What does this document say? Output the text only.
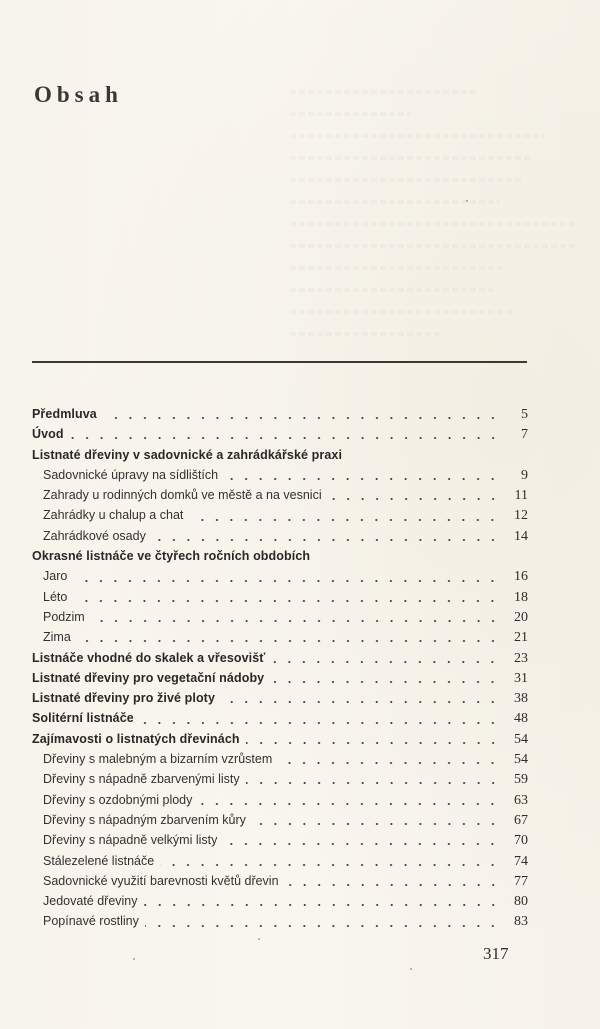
Obsah
Předmluva	5
Úvod	7
Listnaté dřeviny v sadovnické a zahrádkářské praxi
Sadovnické úpravy na sídlištích	9
Zahrady u rodinných domků ve městě a na vesnici	11
Zahrádky u chalup a chat	12
Zahrádkové osady	14
Okrasné listnáče ve čtyřech ročních obdobích
Jaro	16
Léto	18
Podzim	20
Zima	21
Listnáče vhodné do skalek a vřesovišť	23
Listnaté dřeviny pro vegetační nádoby	31
Listnaté dřeviny pro živé ploty	38
Solitérní listnáče	48
Zajímavosti o listnatých dřevinách	54
Dřeviny s malebným a bizarním vzrůstem	54
Dřeviny s nápadně zbarvenými listy	59
Dřeviny s ozdobnými plody	63
Dřeviny s nápadným zbarvením kůry	67
Dřeviny s nápadně velkými listy	70
Stálezelené listnáče	74
Sadovnické využití barevnosti květů dřevin	77
Jedovaté dřeviny	80
Popínavé rostliny	83
317
